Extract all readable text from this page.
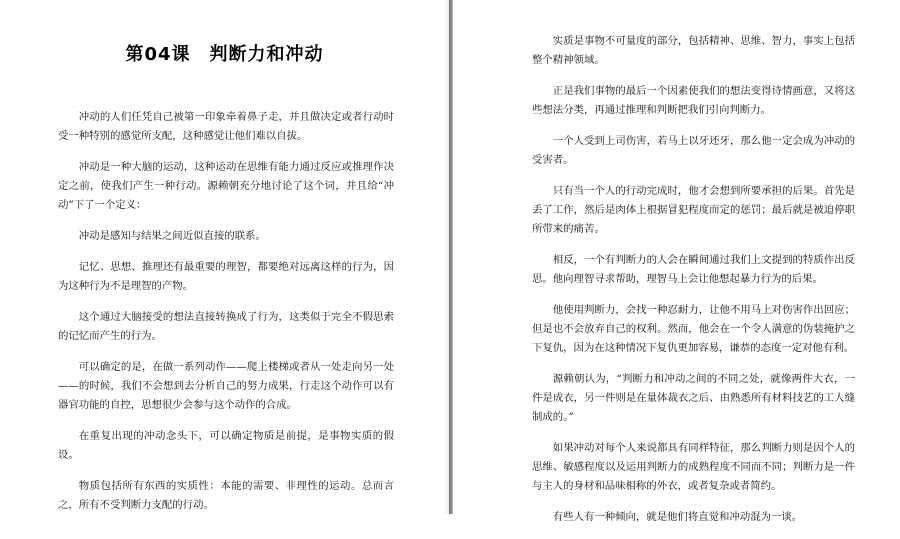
第04课　判断力和冲动

冲动的人们任凭自己被第一印象牵着鼻子走，并且做决定或者行动时受一种特别的感觉所支配，这种感觉让他们难以自拔。

冲动是一种大脑的运动，这种运动在思维有能力通过反应或推理作决定之前，使我们产生一种行动。源赖朝充分地讨论了这个词，并且给“冲动”下了一个定义：

冲动是感知与结果之间近似直接的联系。

记忆、思想、推理还有最重要的理智，都要绝对远离这样的行为，因为这种行为不是理智的产物。

这个通过大脑接受的想法直接转换成了行为，这类似于完全不假思索的记忆而产生的行为。

可以确定的是，在做一系列动作——爬上楼梯或者从一处走向另一处——的时候，我们不会想到去分析自己的努力成果，行走这个动作可以有器官功能的自控，思想很少会参与这个动作的合成。

在重复出现的冲动念头下，可以确定物质是前提，是事物实质的假设。

物质包括所有东西的实质性：本能的需要、非理性的运动。总而言之，所有不受判断力支配的行动。

实质是事物不可量度的部分，包括精神、思维、智力，事实上包括整个精神领域。

正是我们事物的最后一个因素使我们的想法变得诗情画意，又将这些想法分类，再通过推理和判断把我们引向判断力。

一个人受到上司伤害，若马上以牙还牙，那么他一定会成为冲动的受害者。

只有当一个人的行动完成时，他才会想到所要承担的后果。首先是丢了工作，然后是肉体上根据冒犯程度而定的惩罚；最后就是被迫停职所带来的痛苦。

相反，一个有判断力的人会在瞬间通过我们上文提到的特质作出反思。他向理智寻求帮助，理智马上会让他想起暴力行为的后果。

他使用判断力，会找一种忍耐力，让他不用马上对伤害作出回应；但是也不会放弃自己的权利。然而，他会在一个令人满意的伪装掩护之下复仇，因为在这种情况下复仇更加容易，谦恭的态度一定对他有利。

源赖朝认为，“判断力和冲动之间的不同之处，就像两件大衣，一件是成衣，另一件则是在量体裁衣之后、由熟悉所有材料技艺的工人缝制成的。”

如果冲动对每个人来说都具有同样特征，那么判断力则是因个人的思维、敏感程度以及运用判断力的成熟程度不同而不同；判断力是一件与主人的身材和品味相称的外衣，或者复杂或者简约。

有些人有一种倾向，就是他们将直觉和冲动混为一谈。
